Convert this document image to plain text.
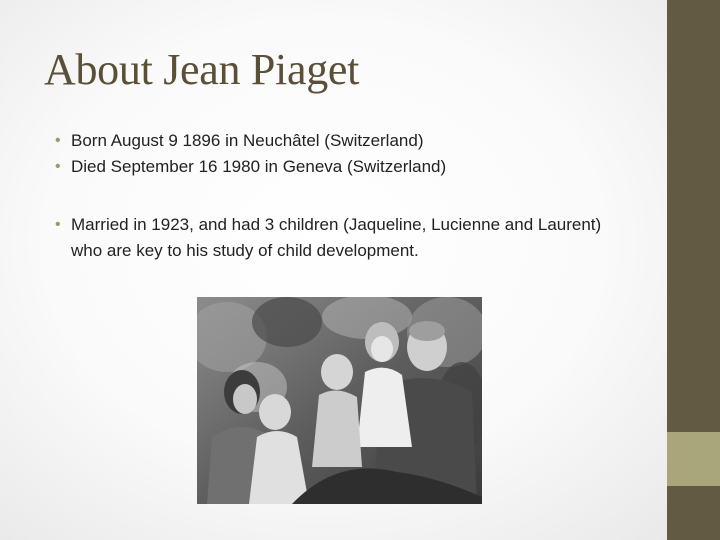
About Jean Piaget
• Born August 9 1896 in Neuchâtel (Switzerland)
• Died September 16 1980 in Geneva (Switzerland)
• Married in 1923, and had 3 children (Jaqueline, Lucienne and Laurent) who are key to his study of child development.
